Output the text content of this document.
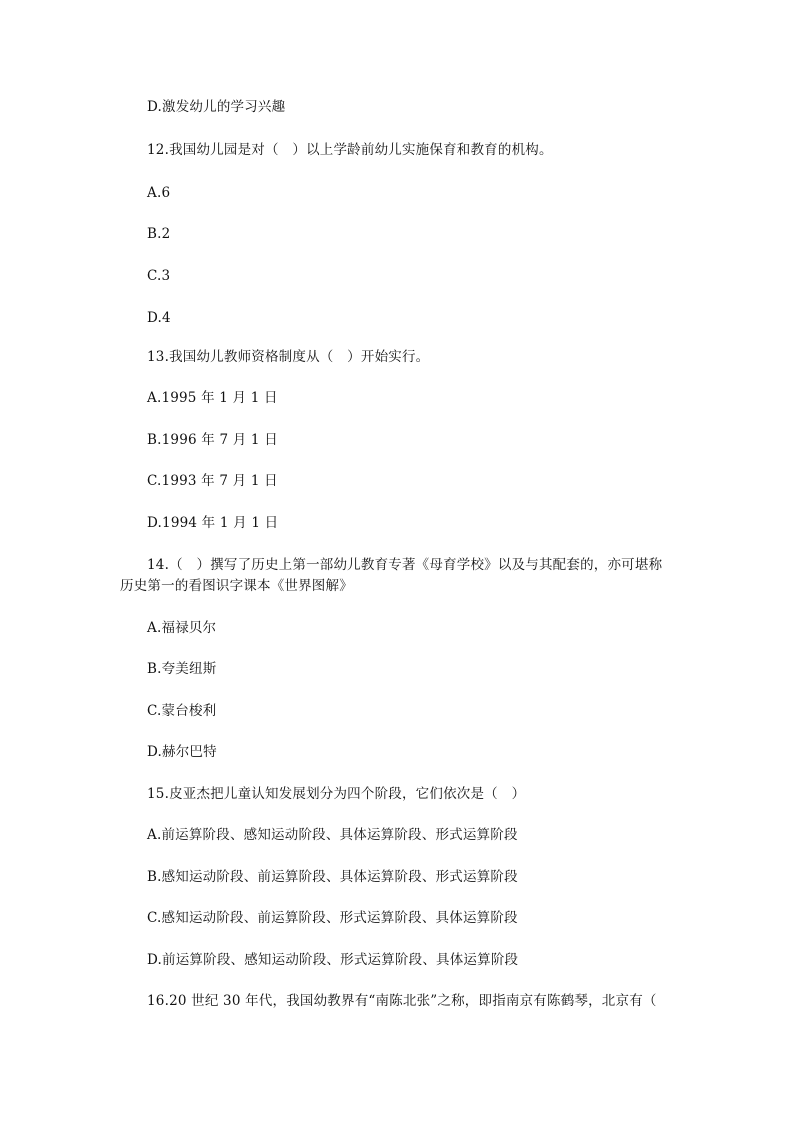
D.激发幼儿的学习兴趣
12.我国幼儿园是对（　）以上学龄前幼儿实施保育和教育的机构。
A.6
B.2
C.3
D.4
13.我国幼儿教师资格制度从（　）开始实行。
A.1995 年 1 月 1 日
B.1996 年 7 月 1 日
C.1993 年 7 月 1 日
D.1994 年 1 月 1 日
14.（　）撰写了历史上第一部幼儿教育专著《母育学校》以及与其配套的，亦可堪称
历史第一的看图识字课本《世界图解》
A.福禄贝尔
B.夸美纽斯
C.蒙台梭利
D.赫尔巴特
15.皮亚杰把儿童认知发展划分为四个阶段，它们依次是（　）
A.前运算阶段、感知运动阶段、具体运算阶段、形式运算阶段
B.感知运动阶段、前运算阶段、具体运算阶段、形式运算阶段
C.感知运动阶段、前运算阶段、形式运算阶段、具体运算阶段
D.前运算阶段、感知运动阶段、形式运算阶段、具体运算阶段
16.20 世纪 30 年代，我国幼教界有“南陈北张”之称，即指南京有陈鹤琴，北京有（
